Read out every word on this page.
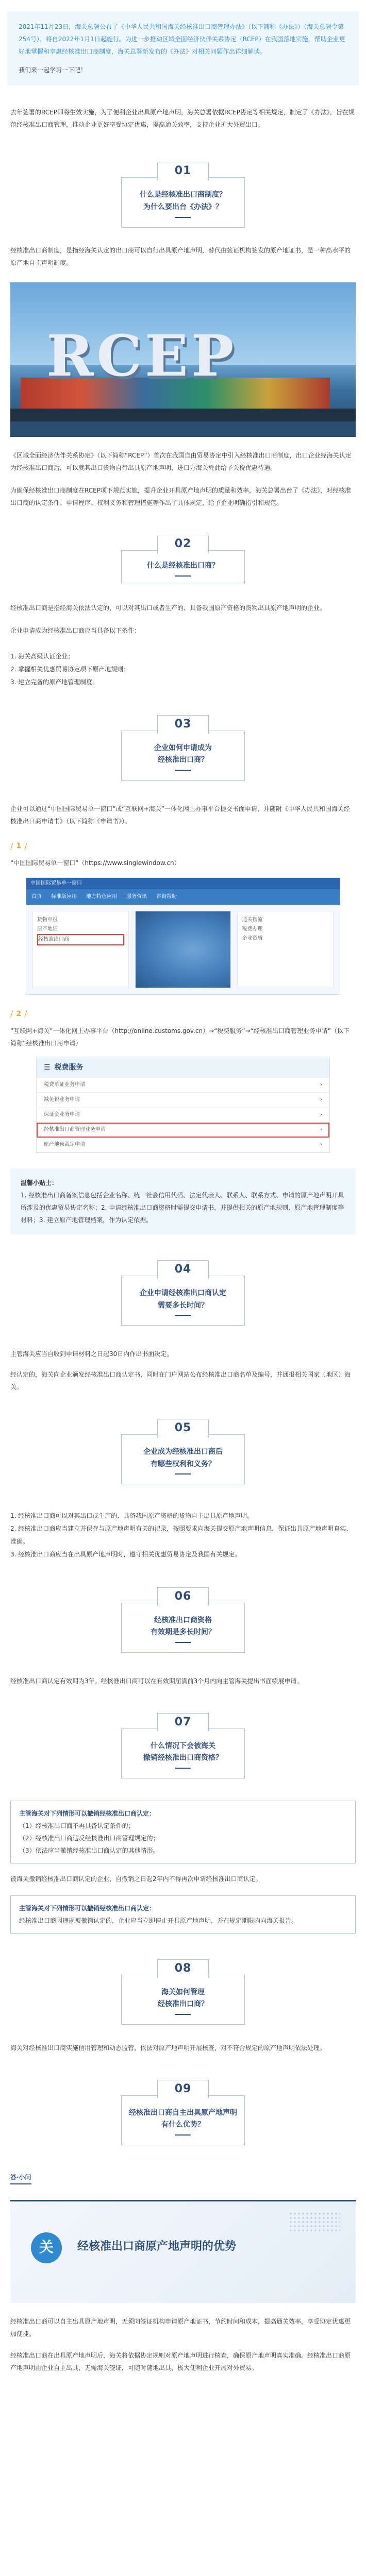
2021年11月23日，海关总署公布了《中华人民共和国海关经核准出口商管理办法》（以下简称《办法》）（海关总署令第254号），将自2022年1月1日起施行。为进一步推动区域全面经济伙伴关系协定（RCEP）在我国落地实施，帮助企业更好地掌握和享惠经核准出口商制度，海关总署新发布的《办法》对相关问题作出详细解读。

我们来一起学习一下吧！

去年签署的RCEP即将生效实施，为了便利企业出具原产地声明，海关总署依据RCEP协定等相关规定，制定了《办法》，旨在规范经核准出口商管理，推动企业更好享受协定优惠，提高通关效率，支持企业扩大外贸出口。

什么是经核准出口商制度？
为什么要出台《办法》？
01

经核准出口商制度，是指经海关认定的出口商可以自行出具原产地声明，替代由签证机构签发的原产地证书，是一种高水平的原产地自主声明制度。

RCEP

《区域全面经济伙伴关系协定》（以下简称“RCEP”）首次在我国自由贸易协定中引入经核准出口商制度，出口企业经海关认定为经核准出口商后，可以就其出口货物自行出具原产地声明，进口方海关凭此给予关税优惠待遇。

为确保经核准出口商制度在RCEP项下规范实施，提升企业开具原产地声明的质量和效率，海关总署出台了《办法》，对经核准出口商的认定条件、申请程序、权利义务和管理措施等作出了具体规定，给予企业明确指引和规范。

什么是经核准出口商？
02

经核准出口商是指经海关依法认定的，可以对其出口或者生产的、具备我国原产资格的货物出具原产地声明的企业。

企业申请成为经核准出口商应当具备以下条件：

1. 海关高级认证企业；
2. 掌握相关优惠贸易协定项下原产地规则；
3. 建立完备的原产地管理制度。
企业如何申请成为
经核准出口商？
03

企业可以通过“中国国际贸易单一窗口”或“互联网+海关”一体化网上办事平台提交书面申请，并随附《中华人民共和国海关经核准出口商申请书》（以下简称《申请书》）。

/ 1 /

“中国国际贸易单一窗口”（https://www.singlewindow.cn）

中国国际贸易单一窗口
首页 标准版应用 地方特色应用 服务资讯 咨询帮助
货物申报
原产地证
经核准出口商
通关物流
税费办理
企业资质
/ 2 /

“互联网+海关”一体化网上办事平台（http://online.customs.gov.cn）→“税费服务”→“经核准出口商管理业务申请”（以下简称”经核准出口商申请）

☰ 税费服务
税费单证业务申请	›
减免税业务申请	›
保证金业务申请	›
经核准出口商管理业务申请	›
原产地预裁定申请	›
温馨小贴士：
1. 经核准出口商备案信息包括企业名称、统一社会信用代码、法定代表人、联系人、联系方式、申请的原产地声明开具所涉及的优惠贸易协定名称；2. 申请经核准出口商资格时需提交申请书，并提供相关的原产地规则、原产地管理制度等材料；3. 建立原产地管理档案，作为认定依据。
企业申请经核准出口商认定
需要多长时间？
04

主管海关应当自收到申请材料之日起30日内作出书面决定。

经认定的，海关向企业颁发经核准出口商认定书，同时在门户网站公布经核准出口商名单及编号，并通报相关国家（地区）海关。

企业成为经核准出口商后
有哪些权利和义务？
05
1. 经核准出口商可以对其出口或生产的、具备我国原产资格的货物自主出具原产地声明。
2. 经核准出口商应当建立并保存与原产地声明有关的记录，按照要求向海关提交原产地声明信息，保证出具原产地声明真实、准确。
3. 经核准出口商应当在出具原产地声明时，遵守相关优惠贸易协定及我国有关规定。
经核准出口商资格
有效期是多长时间？
06

经核准出口商认定有效期为3年。经核准出口商可以在有效期届满前3个月内向主管海关提出书面续展申请。

什么情况下会被海关
撤销经核准出口商资格？
07
主管海关对下列情形可以撤销经核准出口商认定：
（1）经核准出口商不再具备认定条件的；
（2）经核准出口商违反经核准出口商管理规定的；
（3）依法应当撤销经核准出口商认定的其他情形。

被海关撤销经核准出口商认定的企业，自撤销之日起2年内不得再次申请经核准出口商认定。

主管海关对下列情形可以撤销经核准出口商认定：
经核准出口商因违规被撤销认定的，企业应当立即停止开具原产地声明，并在规定期限内向海关报告。
海关如何管理
经核准出口商？
08

海关对经核准出口商实施信用管理和动态监管，依法对原产地声明开展核查，对不符合规定的原产地声明依法处理。

经核准出口商自主出具原产地声明
有什么优势？
09

答·小问

关	经核准出口商原产地声明的优势

经核准出口商可以自主出具原产地声明，无须向签证机构申请原产地证书，节约时间和成本，提高通关效率，享受协定优惠更加便捷。

经核准出口商在出具原产地声明后，海关将依据协定规则对原产地声明进行核查，确保原产地声明真实准确。经核准出口商原产地声明由企业自主出具，无需海关签证，可随时随地出具，极大便利企业开展对外贸易。
